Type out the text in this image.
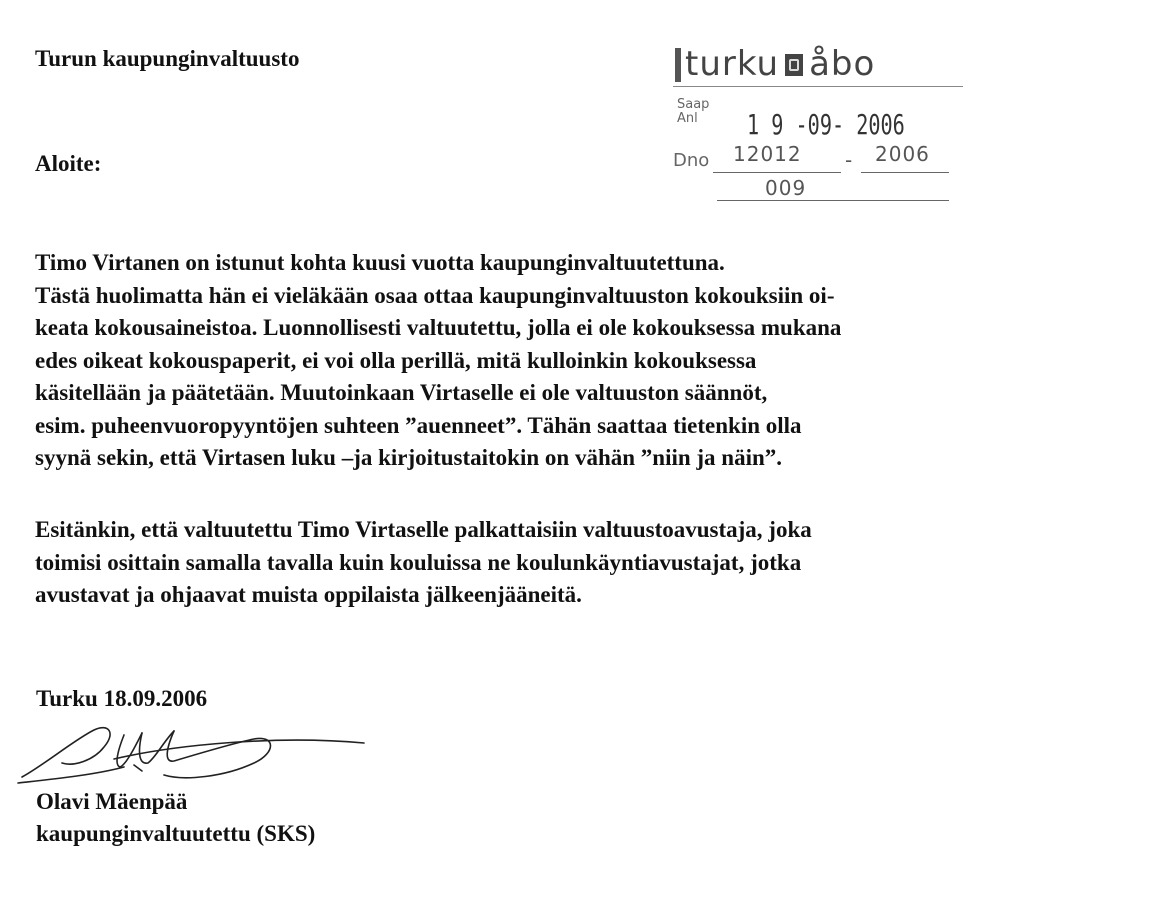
Turun kaupunginvaltuusto
Aloite:
turku åbo
Saap
Anl	1 9 -09- 2006
Dno 12012 - 2006
009
Timo Virtanen on istunut kohta kuusi vuotta kaupunginvaltuutettuna.
Tästä huolimatta hän ei vieläkään osaa ottaa kaupunginvaltuuston kokouksiin oi-
keata kokousaineistoa. Luonnollisesti valtuutettu, jolla ei ole kokouksessa mukana
edes oikeat kokouspaperit, ei voi olla perillä, mitä kulloinkin kokouksessa
käsitellään ja päätetään. Muutoinkaan Virtaselle ei ole valtuuston säännöt,
esim. puheenvuoropyyntöjen suhteen ”auenneet”. Tähän saattaa tietenkin olla
syynä sekin, että Virtasen luku –ja kirjoitustaitokin on vähän ”niin ja näin”.
Esitänkin, että valtuutettu Timo Virtaselle palkattaisiin valtuustoavustaja, joka
toimisi osittain samalla tavalla kuin kouluissa ne koulunkäyntiavustajat, jotka
avustavat ja ohjaavat muista oppilaista jälkeenjääneitä.
Turku 18.09.2006
Olavi Mäenpää
kaupunginvaltuutettu (SKS)
